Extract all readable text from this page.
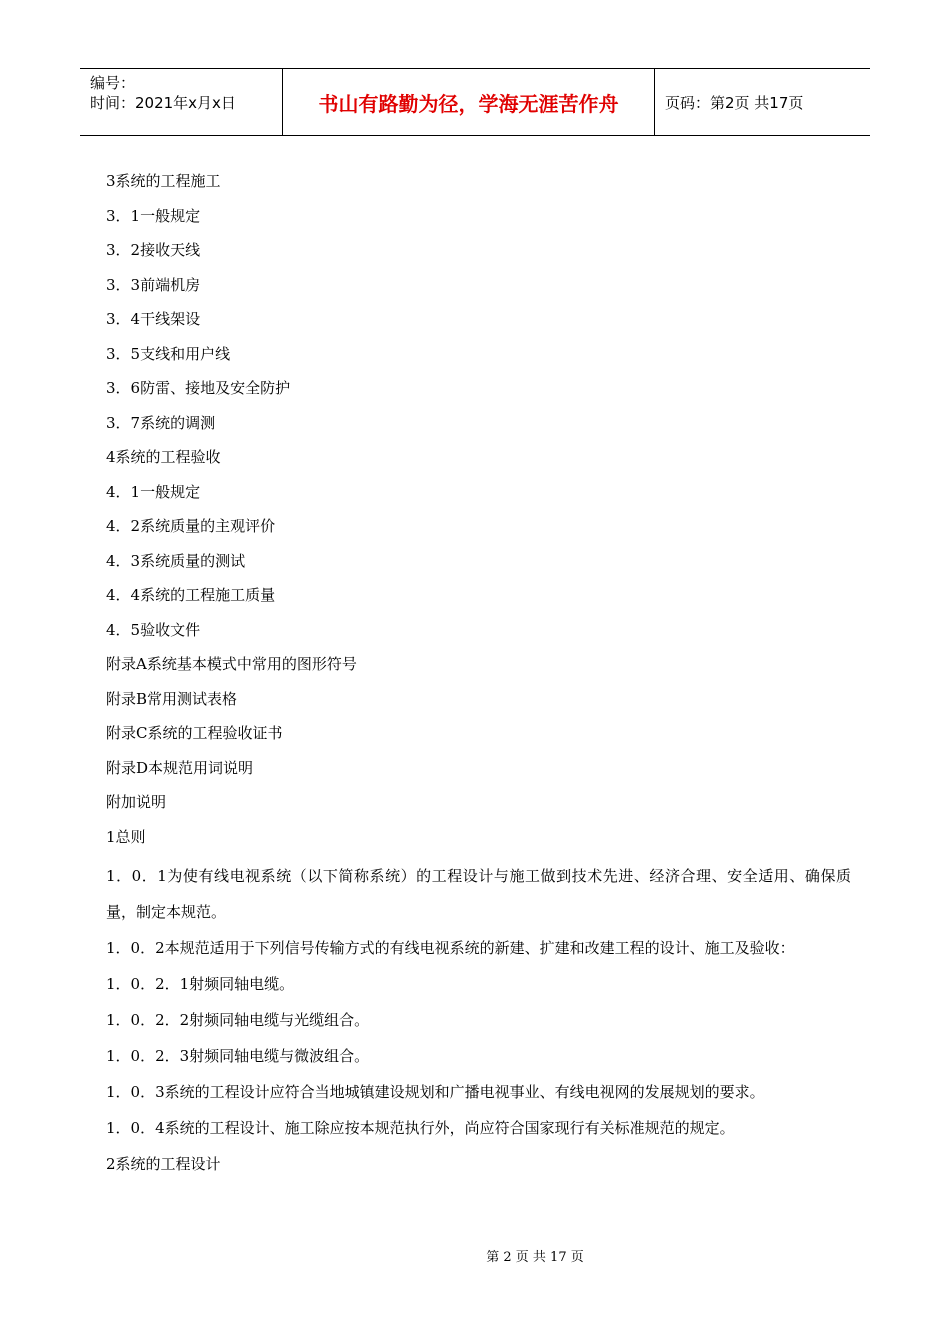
编号：
时间：2021年x月x日	书山有路勤为径，学海无涯苦作舟	页码：第2页 共17页
3系统的工程施工
3．1一般规定
3．2接收天线
3．3前端机房
3．4干线架设
3．5支线和用户线
3．6防雷、接地及安全防护
3．7系统的调测
4系统的工程验收
4．1一般规定
4．2系统质量的主观评价
4．3系统质量的测试
4．4系统的工程施工质量
4．5验收文件
附录A系统基本模式中常用的图形符号
附录B常用测试表格
附录C系统的工程验收证书
附录D本规范用词说明
附加说明
1总则
1．0．1为使有线电视系统（以下简称系统）的工程设计与施工做到技术先进、经济合理、安全适用、确保质量，制定本规范。
1．0．2本规范适用于下列信号传输方式的有线电视系统的新建、扩建和改建工程的设计、施工及验收：
1．0．2．1射频同轴电缆。
1．0．2．2射频同轴电缆与光缆组合。
1．0．2．3射频同轴电缆与微波组合。
1．0．3系统的工程设计应符合当地城镇建设规划和广播电视事业、有线电视网的发展规划的要求。
1．0．4系统的工程设计、施工除应按本规范执行外，尚应符合国家现行有关标准规范的规定。
2系统的工程设计
第 2 页 共 17 页
